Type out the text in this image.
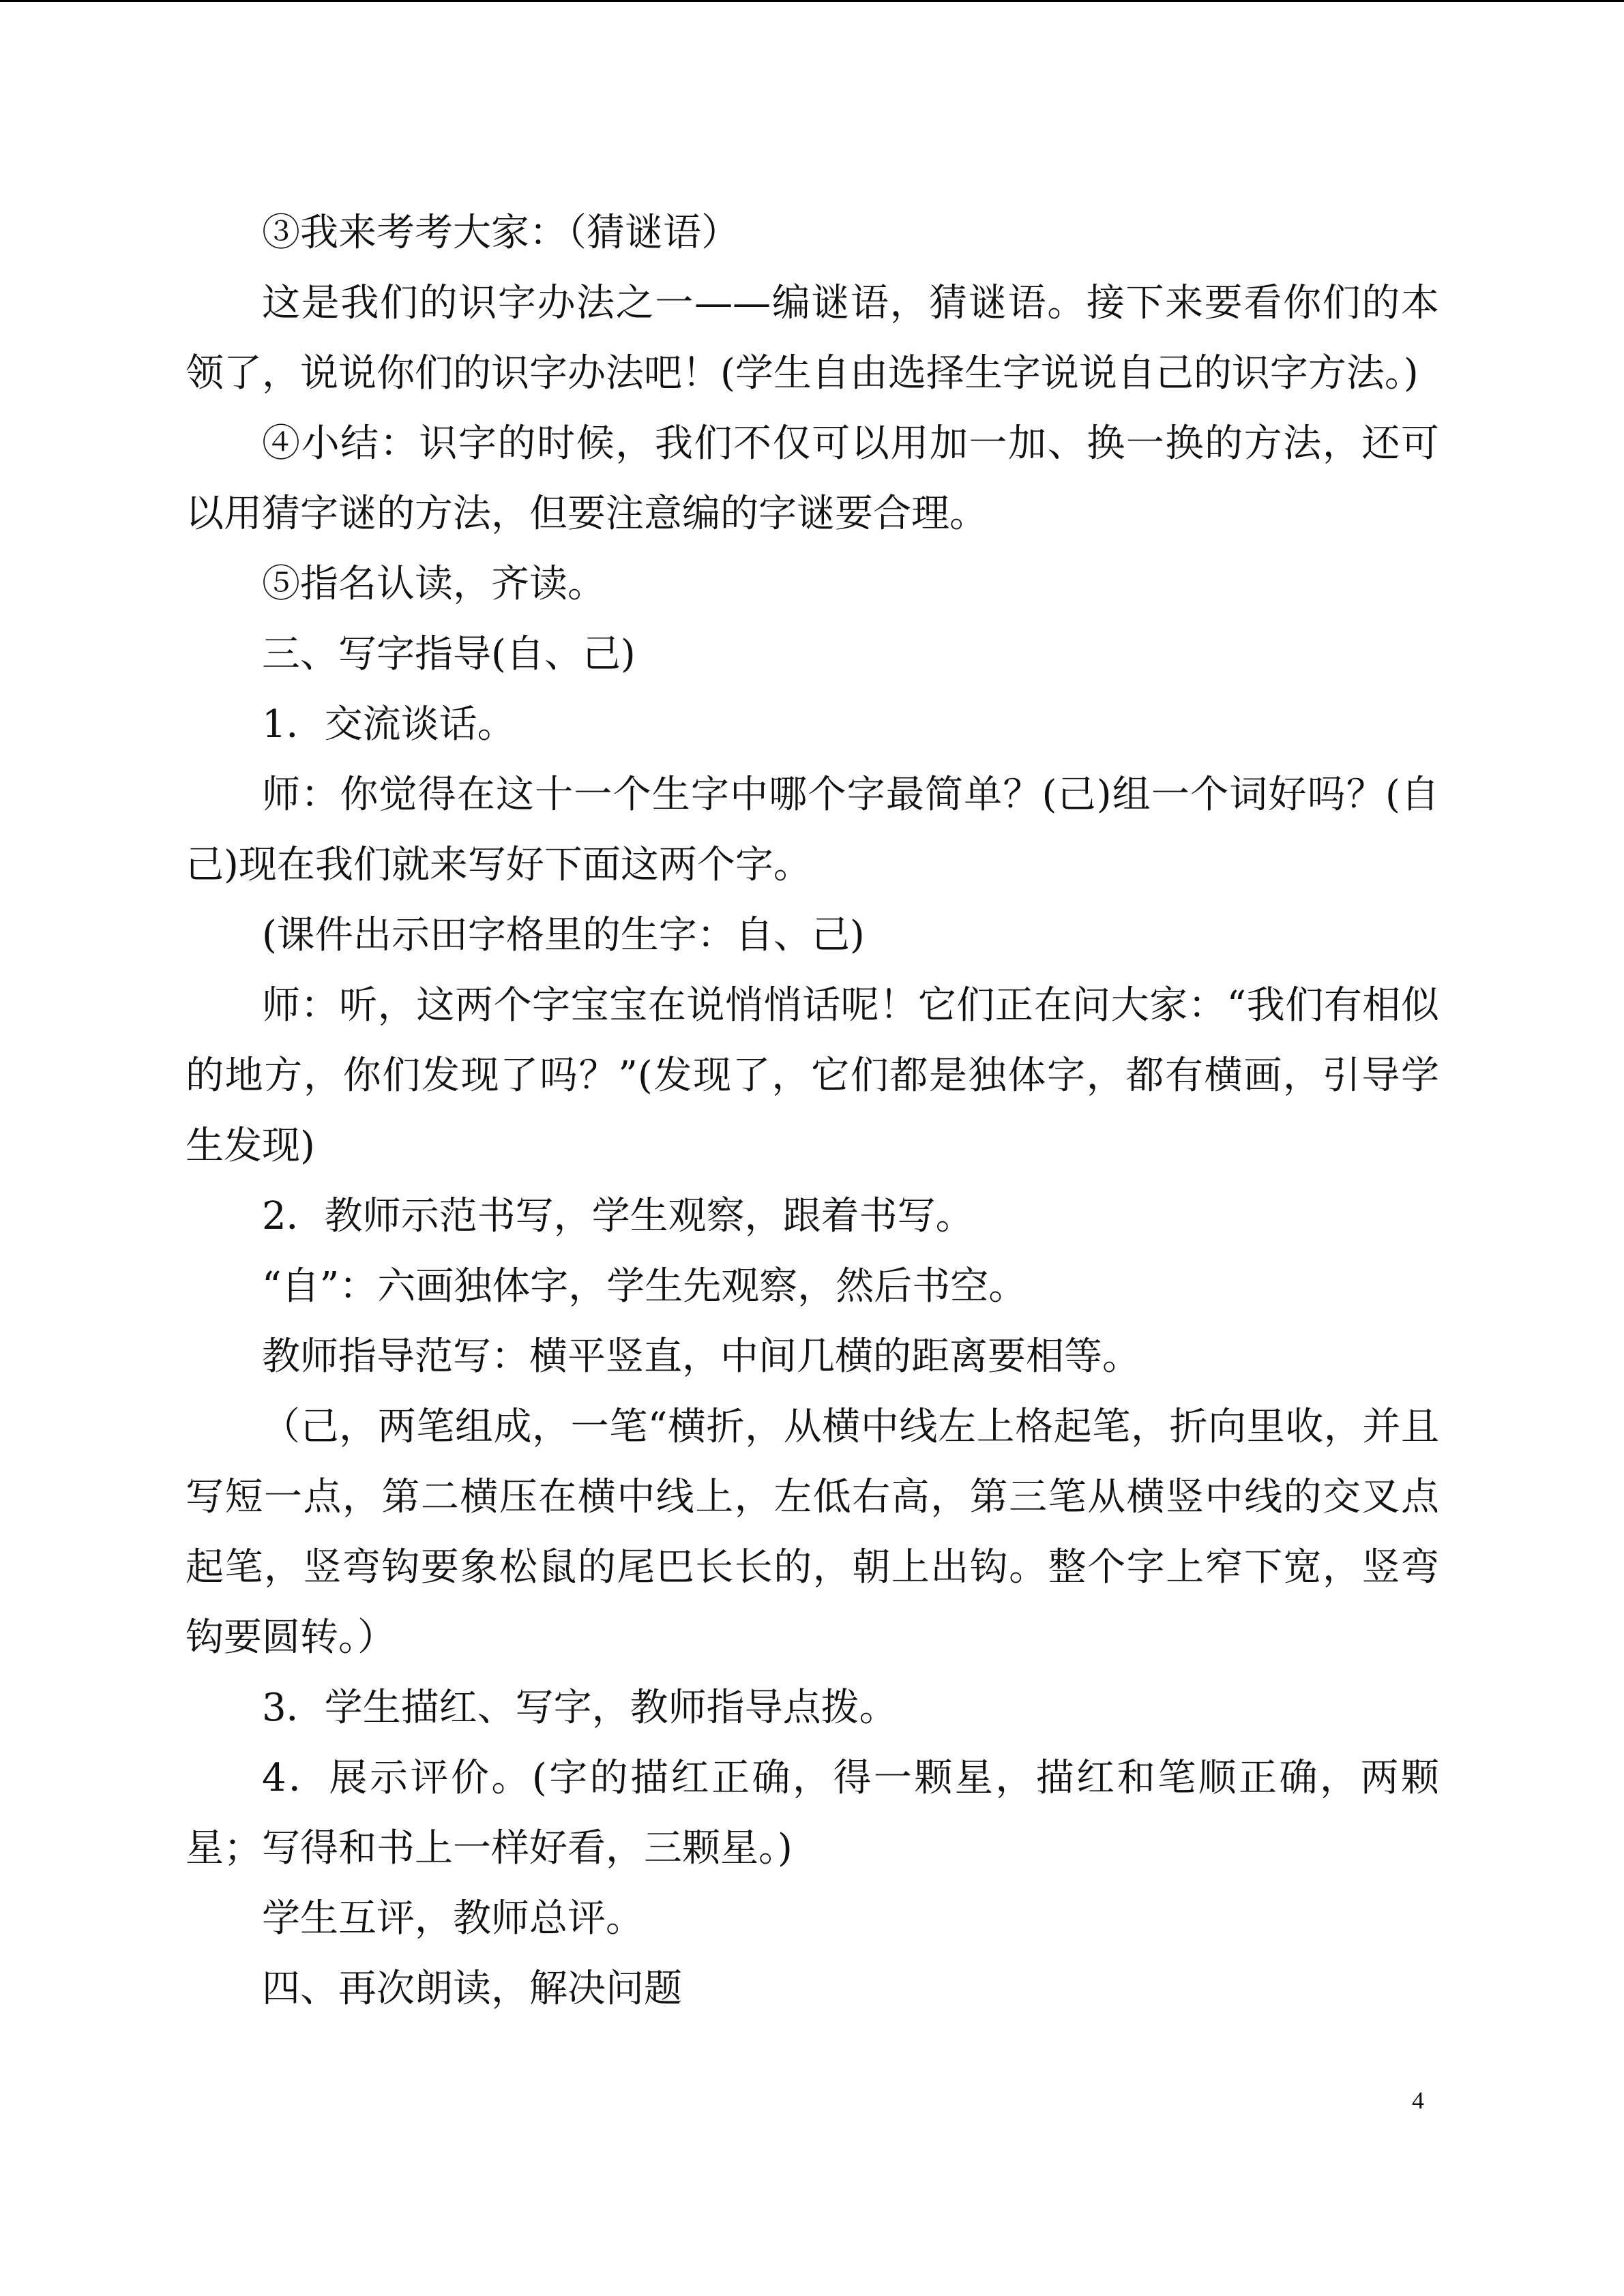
③我来考考大家：（猜谜语）

这是我们的识字办法之一——编谜语，猜谜语。接下来要看你们的本领了，说说你们的识字办法吧！(学生自由选择生字说说自己的识字方法。)

④小结：识字的时候，我们不仅可以用加一加、换一换的方法，还可以用猜字谜的方法，但要注意编的字谜要合理。

⑤指名认读，齐读。

三、写字指导(自、己)

1．交流谈话。

师：你觉得在这十一个生字中哪个字最简单？(己)组一个词好吗？(自己)现在我们就来写好下面这两个字。

(课件出示田字格里的生字：自、己)

师：听，这两个字宝宝在说悄悄话呢！它们正在问大家：“我们有相似的地方，你们发现了吗？”(发现了，它们都是独体字，都有横画，引导学生发现)

2．教师示范书写，学生观察，跟着书写。

“自”：六画独体字，学生先观察，然后书空。

教师指导范写：横平竖直，中间几横的距离要相等。

（己，两笔组成，一笔“横折，从横中线左上格起笔，折向里收，并且写短一点，第二横压在横中线上，左低右高，第三笔从横竖中线的交叉点起笔，竖弯钩要象松鼠的尾巴长长的，朝上出钩。整个字上窄下宽，竖弯钩要圆转。）

3．学生描红、写字，教师指导点拨。

4．展示评价。(字的描红正确，得一颗星，描红和笔顺正确，两颗星；写得和书上一样好看，三颗星。)

学生互评，教师总评。

四、再次朗读，解决问题

4
